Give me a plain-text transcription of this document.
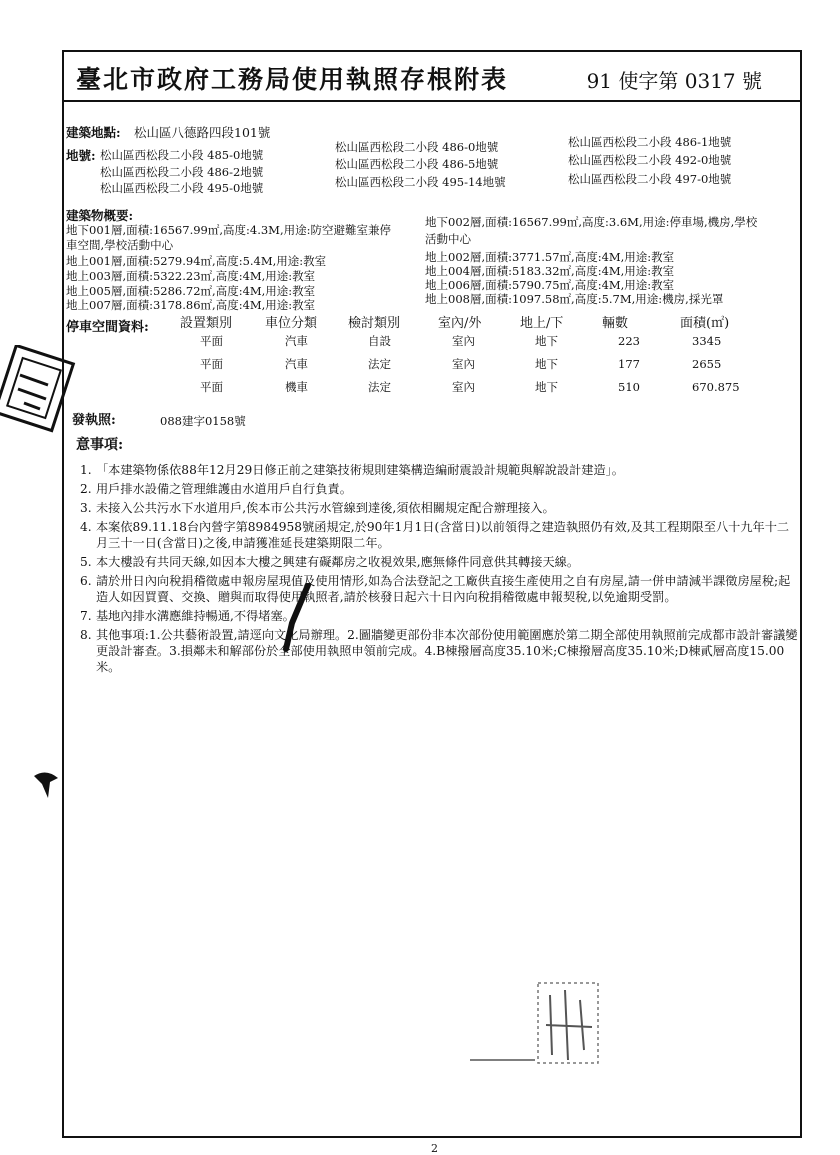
臺北市政府工務局使用執照存根附表	91 使字第 0317 號
建築地點: 松山區八德路四段101號
地號: 松山區西松段二小段 485-0地號
松山區西松段二小段 486-0地號	松山區西松段二小段 486-1地號
松山區西松段二小段 486-2地號
松山區西松段二小段 486-5地號	松山區西松段二小段 492-0地號
松山區西松段二小段 495-0地號	松山區西松段二小段 495-14地號	松山區西松段二小段 497-0地號
建築物概要:
地下001層,面積:16567.99㎡,高度:4.3M,用途:防空避難室兼停
車空間,學校活動中心
地上001層,面積:5279.94㎡,高度:5.4M,用途:教室
地上003層,面積:5322.23㎡,高度:4M,用途:教室
地上005層,面積:5286.72㎡,高度:4M,用途:教室
地上007層,面積:3178.86㎡,高度:4M,用途:教室
地下002層,面積:16567.99㎡,高度:3.6M,用途:停車場,機房,學校
活動中心
地上002層,面積:3771.57㎡,高度:4M,用途:教室
地上004層,面積:5183.32㎡,高度:4M,用途:教室
地上006層,面積:5790.75㎡,高度:4M,用途:教室
地上008層,面積:1097.58㎡,高度:5.7M,用途:機房,採光罩
停車空間資料: 設置類別	車位分類 檢討類別	室內/外	地上/下	輛數	面積(㎡)
平面	汽車	自設	室內	地下	223	3345
平面	汽車	法定	室內	地下	177	2655
平面	機車	法定	室內	地下	510	670.875
發執照:	088建字0158號
意事項:
1. 「本建築物係依88年12月29日修正前之建築技術規則建築構造編耐震設計規範與解說設計建造」。
2. 用戶排水設備之管理維護由水道用戶自行負責。
3. 未接入公共污水下水道用戶,俟本市公共污水管線到達後,須依相關規定配合辦理接入。
4. 本案依89.11.18台內營字第8984958號函規定,於90年1月1日(含當日)以前領得之建造執照仍有效,及其工程期限至八十九年十二月三十一日(含當日)之後,申請獲准延長建築期限二年。
5. 本大樓設有共同天線,如因本大樓之興建有礙鄰房之收視效果,應無條件同意供其轉接天線。
6. 請於卅日內向稅捐稽徵處申報房屋現值及使用情形,如為合法登記之工廠供直接生產使用之自有房屋,請一併申請減半課徵房屋稅;起造人如因買賣、交換、贈與而取得使用執照者,請於核發日起六十日內向稅捐稽徵處申報契稅,以免逾期受罰。
7. 基地內排水溝應維持暢通,不得堵塞。
8. 其他事項:1.公共藝術設置,請逕向文化局辦理。2.圖牆變更部份非本次部份使用範圍應於第二期全部使用執照前完成都市設計審議變更設計審查。3.損鄰未和解部份於全部使用執照申領前完成。4.B棟撥層高度35.10米;C棟撥層高度35.10米;D棟貳層高度15.00米。
2
